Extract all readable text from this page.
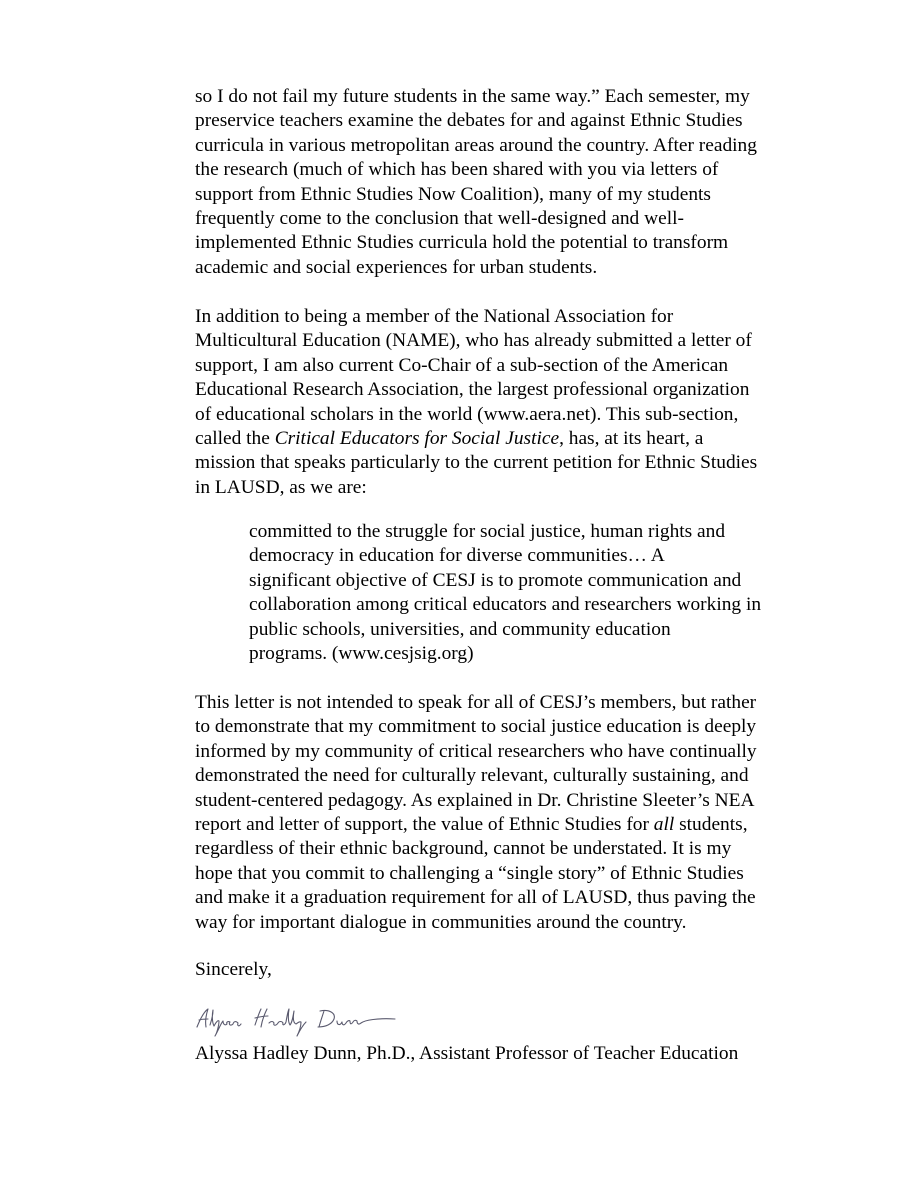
so I do not fail my future students in the same way.” Each semester, my
preservice teachers examine the debates for and against Ethnic Studies
curricula in various metropolitan areas around the country. After reading
the research (much of which has been shared with you via letters of
support from Ethnic Studies Now Coalition), many of my students
frequently come to the conclusion that well-designed and well-
implemented Ethnic Studies curricula hold the potential to transform
academic and social experiences for urban students.

In addition to being a member of the National Association for
Multicultural Education (NAME), who has already submitted a letter of
support, I am also current Co-Chair of a sub-section of the American
Educational Research Association, the largest professional organization
of educational scholars in the world (www.aera.net). This sub-section,
called the Critical Educators for Social Justice, has, at its heart, a
mission that speaks particularly to the current petition for Ethnic Studies
in LAUSD, as we are:

committed to the struggle for social justice, human rights and
democracy in education for diverse communities… A
significant objective of CESJ is to promote communication and
collaboration among critical educators and researchers working in
public schools, universities, and community education
programs. (www.cesjsig.org)

This letter is not intended to speak for all of CESJ’s members, but rather
to demonstrate that my commitment to social justice education is deeply
informed by my community of critical researchers who have continually
demonstrated the need for culturally relevant, culturally sustaining, and
student-centered pedagogy. As explained in Dr. Christine Sleeter’s NEA
report and letter of support, the value of Ethnic Studies for all students,
regardless of their ethnic background, cannot be understated. It is my
hope that you commit to challenging a “single story” of Ethnic Studies
and make it a graduation requirement for all of LAUSD, thus paving the
way for important dialogue in communities around the country.

Sincerely,

Alyssa Hadley Dunn, Ph.D., Assistant Professor of Teacher Education
